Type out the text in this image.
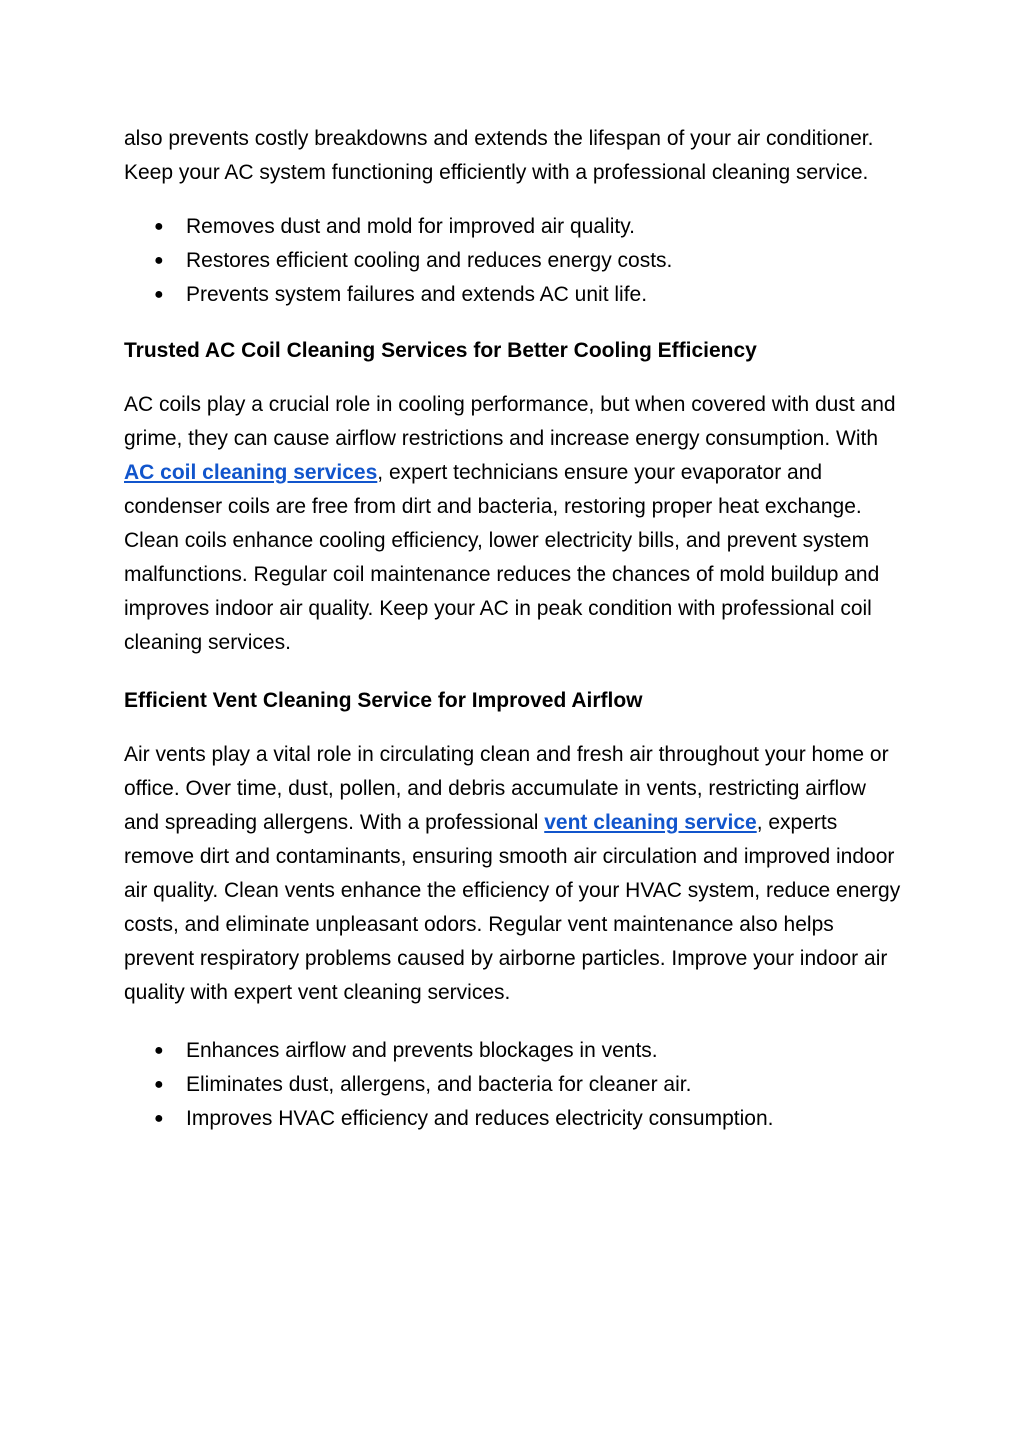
also prevents costly breakdowns and extends the lifespan of your air conditioner. Keep your AC system functioning efficiently with a professional cleaning service.

● Removes dust and mold for improved air quality.
● Restores efficient cooling and reduces energy costs.
● Prevents system failures and extends AC unit life.
Trusted AC Coil Cleaning Services for Better Cooling Efficiency

AC coils play a crucial role in cooling performance, but when covered with dust and grime, they can cause airflow restrictions and increase energy consumption. With AC coil cleaning services, expert technicians ensure your evaporator and condenser coils are free from dirt and bacteria, restoring proper heat exchange. Clean coils enhance cooling efficiency, lower electricity bills, and prevent system malfunctions. Regular coil maintenance reduces the chances of mold buildup and improves indoor air quality. Keep your AC in peak condition with professional coil cleaning services.

Efficient Vent Cleaning Service for Improved Airflow

Air vents play a vital role in circulating clean and fresh air throughout your home or office. Over time, dust, pollen, and debris accumulate in vents, restricting airflow and spreading allergens. With a professional vent cleaning service, experts remove dirt and contaminants, ensuring smooth air circulation and improved indoor air quality. Clean vents enhance the efficiency of your HVAC system, reduce energy costs, and eliminate unpleasant odors. Regular vent maintenance also helps prevent respiratory problems caused by airborne particles. Improve your indoor air quality with expert vent cleaning services.

● Enhances airflow and prevents blockages in vents.
● Eliminates dust, allergens, and bacteria for cleaner air.
● Improves HVAC efficiency and reduces electricity consumption.
